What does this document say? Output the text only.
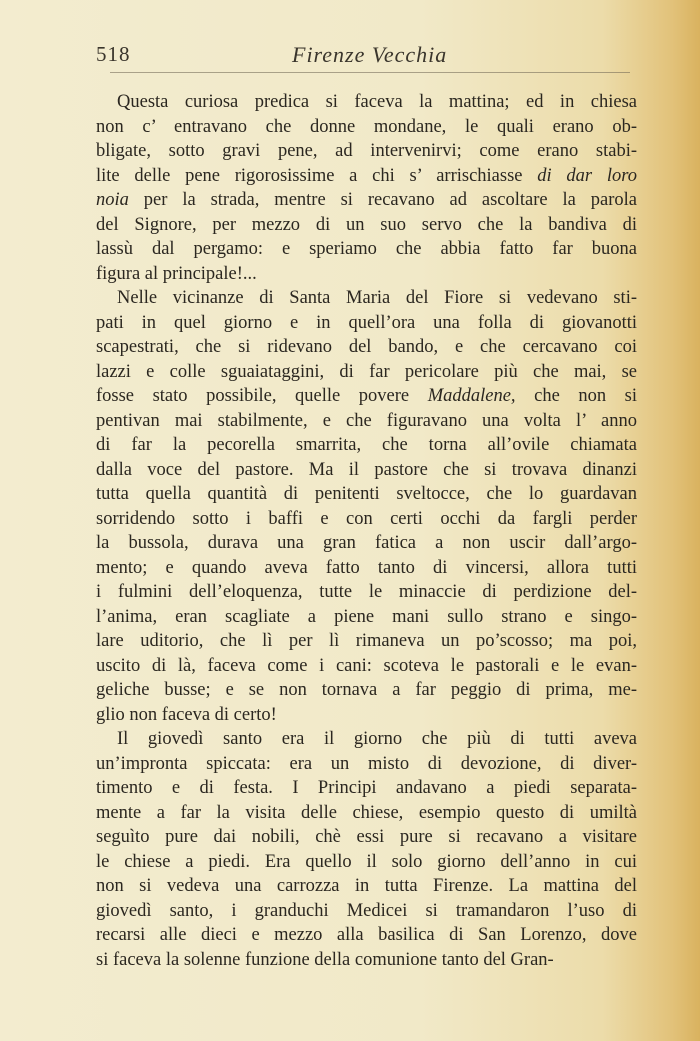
518	Firenze Vecchia
Questa curiosa predica si faceva la mattina; ed in chiesa
non c’ entravano che donne mondane, le quali erano ob-
bligate, sotto gravi pene, ad intervenirvi; come erano stabi-
lite delle pene rigorosissime a chi s’ arrischiasse di dar loro
noia per la strada, mentre si recavano ad ascoltare la parola
del Signore, per mezzo di un suo servo che la bandiva di
lassù dal pergamo: e speriamo che abbia fatto far buona
figura al principale!...
Nelle vicinanze di Santa Maria del Fiore si vedevano sti-
pati in quel giorno e in quell’ora una folla di giovanotti
scapestrati, che si ridevano del bando, e che cercavano coi
lazzi e colle sguaiataggini, di far pericolare più che mai, se
fosse stato possibile, quelle povere Maddalene, che non si
pentivan mai stabilmente, e che figuravano una volta l’ anno
di far la pecorella smarrita, che torna all’ovile chiamata
dalla voce del pastore. Ma il pastore che si trovava dinanzi
tutta quella quantità di penitenti sveltocce, che lo guardavan
sorridendo sotto i baffi e con certi occhi da fargli perder
la bussola, durava una gran fatica a non uscir dall’argo-
mento; e quando aveva fatto tanto di vincersi, allora tutti
i fulmini dell’eloquenza, tutte le minaccie di perdizione del-
l’anima, eran scagliate a piene mani sullo strano e singo-
lare uditorio, che lì per lì rimaneva un po’scosso; ma poi,
uscito di là, faceva come i cani: scoteva le pastorali e le evan-
geliche busse; e se non tornava a far peggio di prima, me-
glio non faceva di certo!
Il giovedì santo era il giorno che più di tutti aveva
un’impronta spiccata: era un misto di devozione, di diver-
timento e di festa. I Principi andavano a piedi separata-
mente a far la visita delle chiese, esempio questo di umiltà
seguìto pure dai nobili, chè essi pure si recavano a visitare
le chiese a piedi. Era quello il solo giorno dell’anno in cui
non si vedeva una carrozza in tutta Firenze. La mattina del
giovedì santo, i granduchi Medicei si tramandaron l’uso di
recarsi alle dieci e mezzo alla basilica di San Lorenzo, dove
si faceva la solenne funzione della comunione tanto del Gran-
